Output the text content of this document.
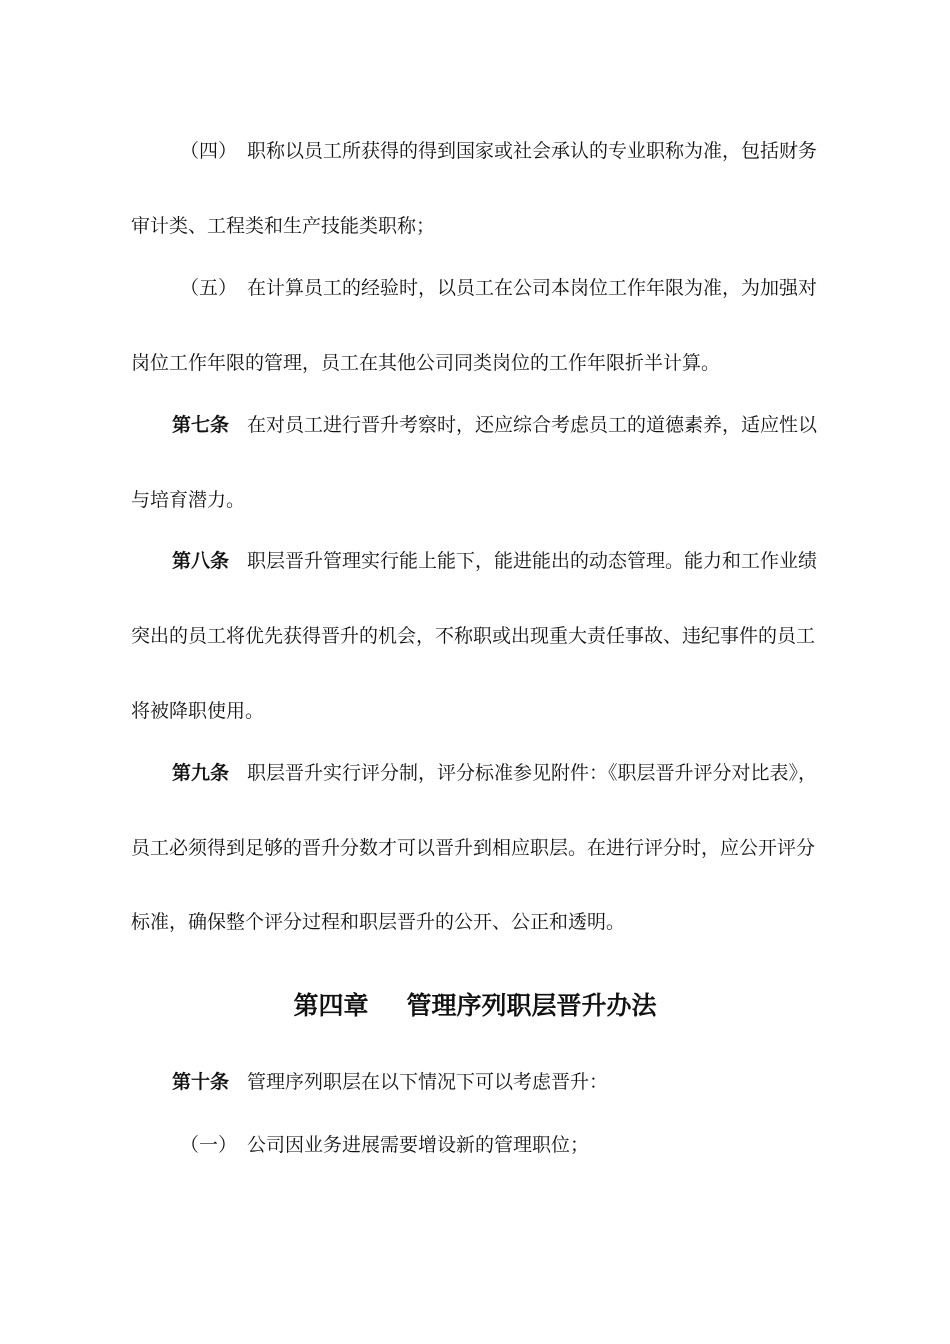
（四） 职称以员工所获得的得到国家或社会承认的专业职称为准，包括财务
审计类、工程类和生产技能类职称；
（五） 在计算员工的经验时，以员工在公司本岗位工作年限为准，为加强对
岗位工作年限的管理，员工在其他公司同类岗位的工作年限折半计算。
第七条 在对员工进行晋升考察时，还应综合考虑员工的道德素养，适应性以
与培育潜力。
第八条 职层晋升管理实行能上能下，能进能出的动态管理。能力和工作业绩
突出的员工将优先获得晋升的机会，不称职或出现重大责任事故、违纪事件的员工
将被降职使用。
第九条 职层晋升实行评分制，评分标准参见附件：《职层晋升评分对比表》，
员工必须得到足够的晋升分数才可以晋升到相应职层。在进行评分时，应公开评分
标准，确保整个评分过程和职层晋升的公开、公正和透明。
第四章 管理序列职层晋升办法
第十条 管理序列职层在以下情况下可以考虑晋升：
（一） 公司因业务进展需要增设新的管理职位；
